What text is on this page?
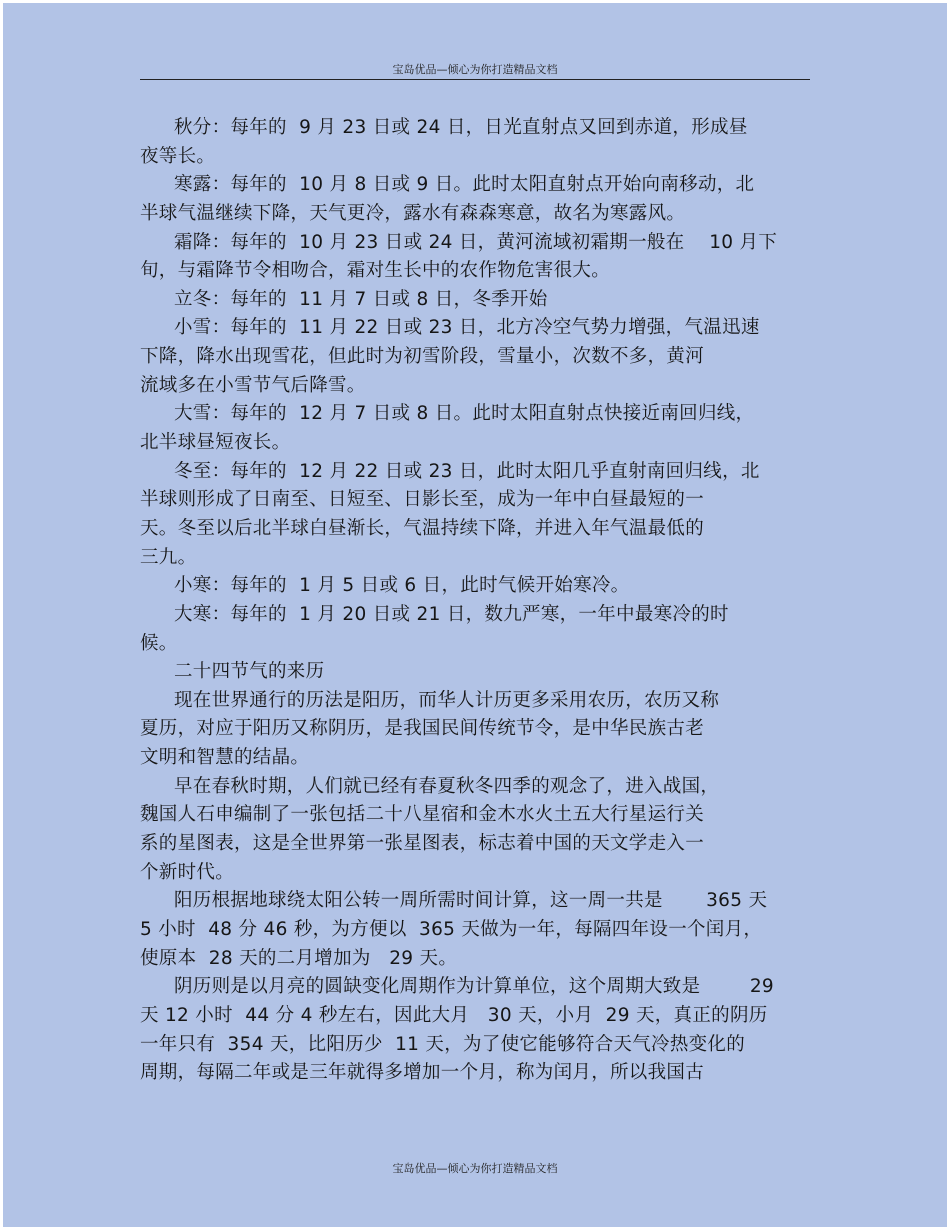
宝岛优品—倾心为你打造精品文档
秋分：每年的  9 月 23 日或 24 日，日光直射点又回到赤道，形成昼
夜等长。
寒露：每年的  10 月 8 日或 9 日。此时太阳直射点开始向南移动，北
半球气温继续下降，天气更冷，露水有森森寒意，故名为寒露风。
霜降：每年的  10 月 23 日或 24 日，黄河流域初霜期一般在    10 月下
旬，与霜降节令相吻合，霜对生长中的农作物危害很大。
立冬：每年的  11 月 7 日或 8 日，冬季开始
小雪：每年的  11 月 22 日或 23 日，北方冷空气势力增强，气温迅速
下降，降水出现雪花，但此时为初雪阶段，雪量小，次数不多，黄河
流域多在小雪节气后降雪。
大雪：每年的  12 月 7 日或 8 日。此时太阳直射点快接近南回归线，
北半球昼短夜长。
冬至：每年的  12 月 22 日或 23 日，此时太阳几乎直射南回归线，北
半球则形成了日南至、日短至、日影长至，成为一年中白昼最短的一
天。冬至以后北半球白昼渐长，气温持续下降，并进入年气温最低的
三九。
小寒：每年的  1 月 5 日或 6 日，此时气候开始寒冷。
大寒：每年的  1 月 20 日或 21 日，数九严寒，一年中最寒冷的时
候。
二十四节气的来历
现在世界通行的历法是阳历，而华人计历更多采用农历，农历又称
夏历，对应于阳历又称阴历，是我国民间传统节令，是中华民族古老
文明和智慧的结晶。
早在春秋时期，人们就已经有春夏秋冬四季的观念了，进入战国，
魏国人石申编制了一张包括二十八星宿和金木水火土五大行星运行关
系的星图表，这是全世界第一张星图表，标志着中国的天文学走入一
个新时代。
阳历根据地球绕太阳公转一周所需时间计算，这一周一共是       365 天
5 小时  48 分 46 秒，为方便以  365 天做为一年，每隔四年设一个闰月，
使原本  28 天的二月增加为   29 天。
阴历则是以月亮的圆缺变化周期作为计算单位，这个周期大致是        29
天 12 小时  44 分 4 秒左右，因此大月   30 天，小月  29 天，真正的阴历
一年只有  354 天，比阳历少  11 天，为了使它能够符合天气冷热变化的
周期，每隔二年或是三年就得多增加一个月，称为闰月，所以我国古
宝岛优品—倾心为你打造精品文档
